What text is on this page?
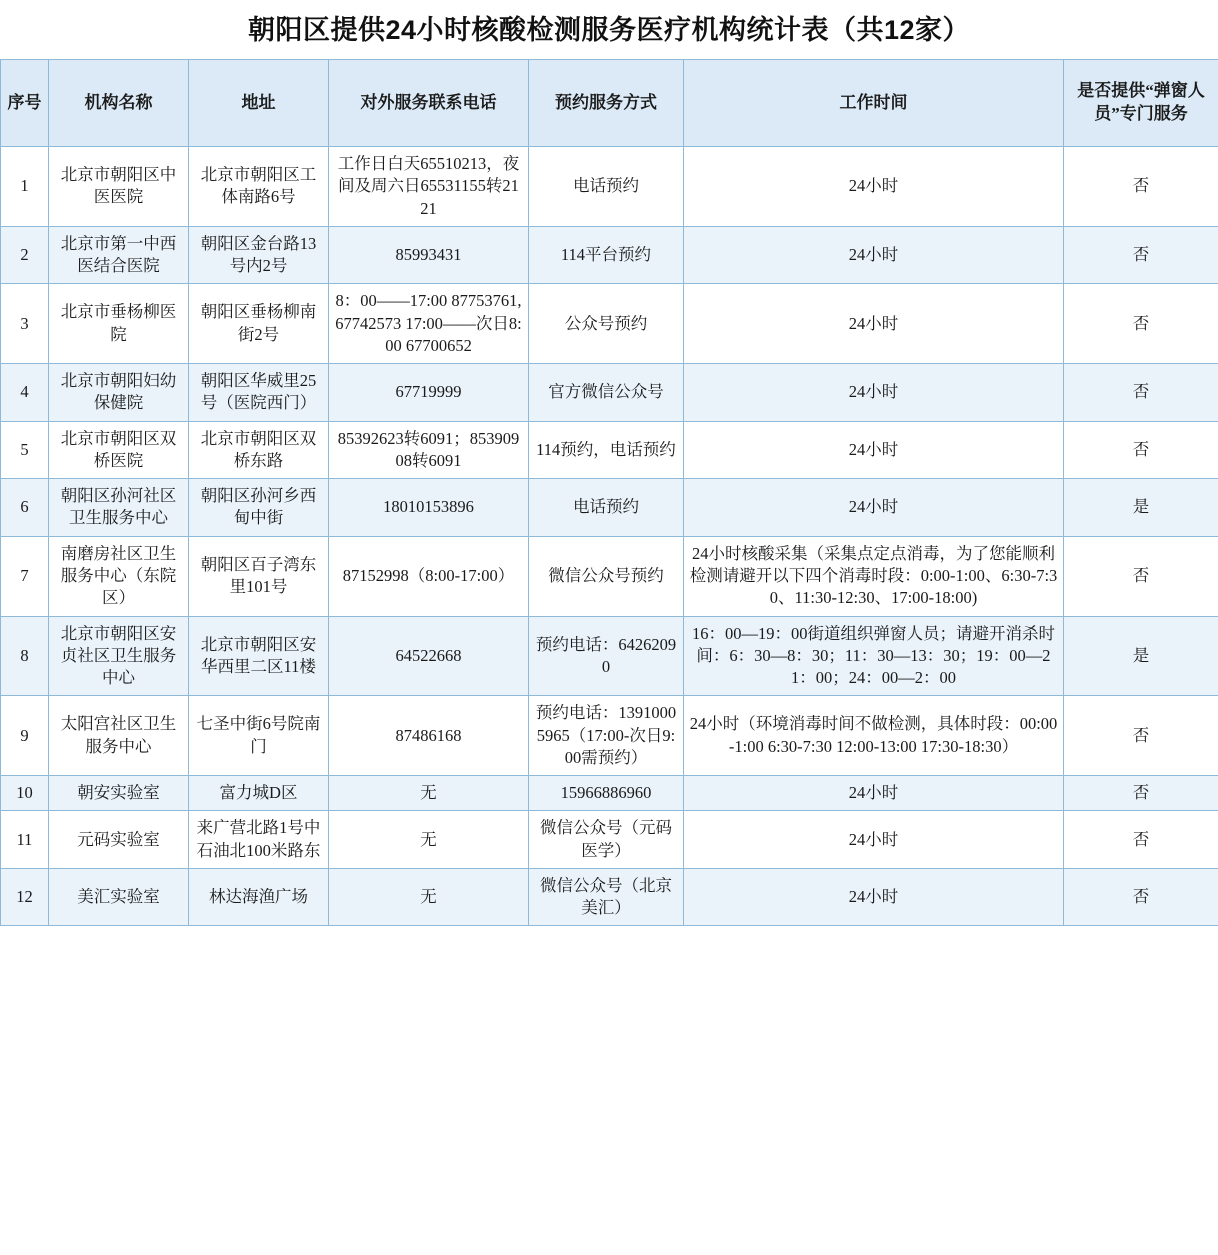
朝阳区提供24小时核酸检测服务医疗机构统计表（共12家）
序号	机构名称	地址	对外服务联系电话	预约服务方式	工作时间	是否提供“弹窗人员”专门服务
1	北京市朝阳区中医医院	北京市朝阳区工体南路6号	工作日白天65510213，夜间及周六日65531155转2121	电话预约	24小时	否
2	北京市第一中西医结合医院	朝阳区金台路13号内2号	85993431	114平台预约	24小时	否
3	北京市垂杨柳医院	朝阳区垂杨柳南街2号	8：00——17:00 87753761,67742573 17:00——次日8:00 67700652	公众号预约	24小时	否
4	北京市朝阳妇幼保健院	朝阳区华威里25号（医院西门）	67719999	官方微信公众号	24小时	否
5	北京市朝阳区双桥医院	北京市朝阳区双桥东路	85392623转6091；85390908转6091	114预约，电话预约	24小时	否
6	朝阳区孙河社区卫生服务中心	朝阳区孙河乡西甸中街	18010153896	电话预约	24小时	是
7	南磨房社区卫生服务中心（东院区）	朝阳区百子湾东里101号	87152998（8:00-17:00）	微信公众号预约	24小时核酸采集（采集点定点消毒，为了您能顺利检测请避开以下四个消毒时段：0:00-1:00、6:30-7:30、11:30-12:30、17:00-18:00)	否
8	北京市朝阳区安贞社区卫生服务中心	北京市朝阳区安华西里二区11楼	64522668	预约电话：64262090	16：00—19：00街道组织弹窗人员；请避开消杀时间：6：30—8：30；11：30—13：30；19：00—21：00；24：00—2：00	是
9	太阳宫社区卫生服务中心	七圣中街6号院南门	87486168	预约电话：13910005965（17:00-次日9:00需预约）	24小时（环境消毒时间不做检测，具体时段：00:00-1:00 6:30-7:30 12:00-13:00 17:30-18:30）	否
10	朝安实验室	富力城D区	无	15966886960	24小时	否
11	元码实验室	来广营北路1号中石油北100米路东	无	微信公众号（元码医学）	24小时	否
12	美汇实验室	林达海渔广场	无	微信公众号（北京美汇）	24小时	否
